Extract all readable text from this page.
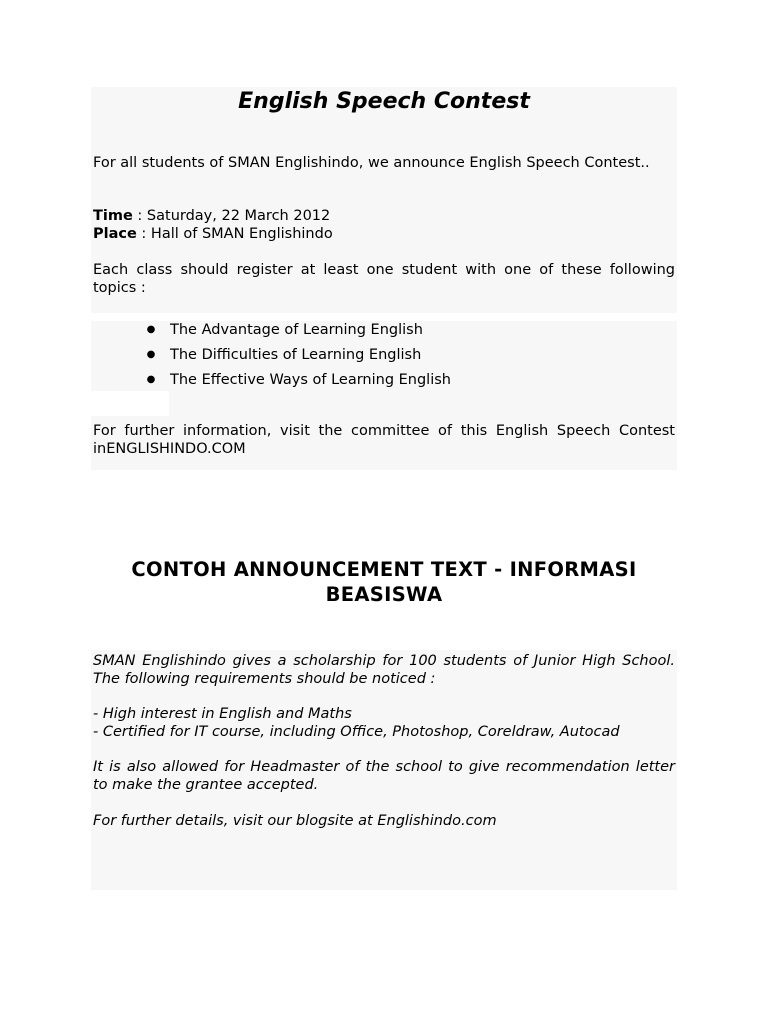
English Speech Contest

For all students of SMAN Englishindo, we announce English Speech Contest..

Time : Saturday, 22 March 2012

Place : Hall of SMAN Englishindo

Each class should register at least one student with one of these following topics :

● The Advantage of Learning English
● The Difficulties of Learning English
● The Effective Ways of Learning English

For further information, visit the committee of this English Speech Contest inENGLISHINDO.COM

CONTOH ANNOUNCEMENT TEXT - INFORMASI BEASISWA

SMAN Englishindo gives a scholarship for 100 students of Junior High School. The following requirements should be noticed :

- High interest in English and Maths

- Certified for IT course, including Office, Photoshop, Coreldraw, Autocad

It is also allowed for Headmaster of the school to give recommendation letter to make the grantee accepted.

For further details, visit our blogsite at Englishindo.com
